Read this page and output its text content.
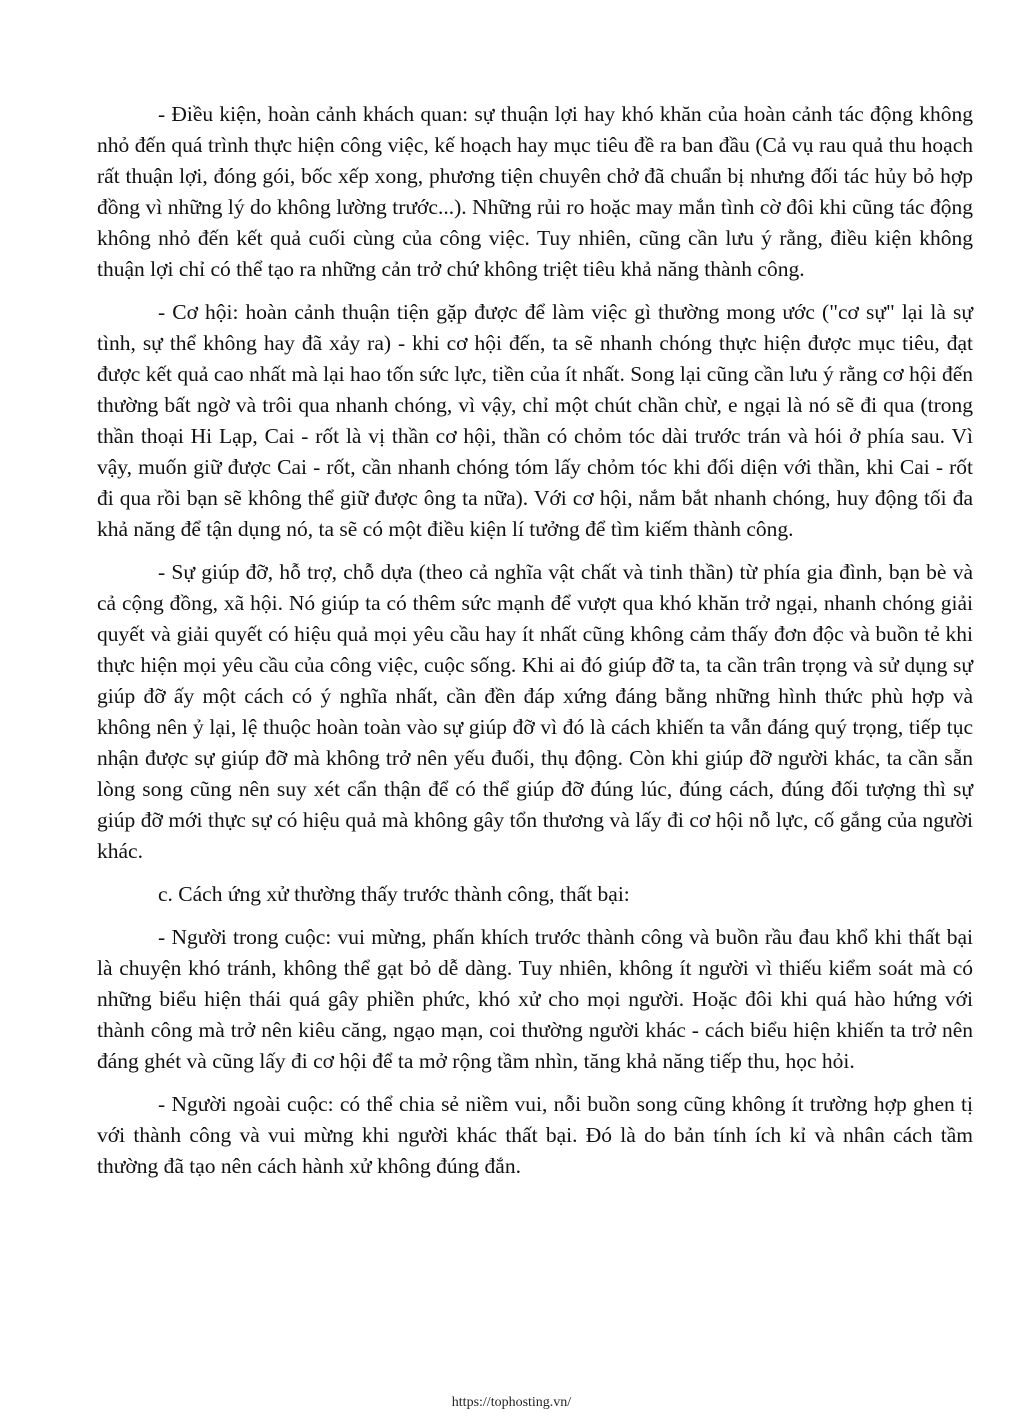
- Điều kiện, hoàn cảnh khách quan: sự thuận lợi hay khó khăn của hoàn cảnh tác động không nhỏ đến quá trình thực hiện công việc, kế hoạch hay mục tiêu đề ra ban đầu (Cả vụ rau quả thu hoạch rất thuận lợi, đóng gói, bốc xếp xong, phương tiện chuyên chở đã chuẩn bị nhưng đối tác hủy bỏ hợp đồng vì những lý do không lường trước...). Những rủi ro hoặc may mắn tình cờ đôi khi cũng tác động không nhỏ đến kết quả cuối cùng của công việc. Tuy nhiên, cũng cần lưu ý rằng, điều kiện không thuận lợi chỉ có thể tạo ra những cản trở chứ không triệt tiêu khả năng thành công.

- Cơ hội: hoàn cảnh thuận tiện gặp được để làm việc gì thường mong ước ("cơ sự" lại là sự tình, sự thể không hay đã xảy ra) - khi cơ hội đến, ta sẽ nhanh chóng thực hiện được mục tiêu, đạt được kết quả cao nhất mà lại hao tốn sức lực, tiền của ít nhất. Song lại cũng cần lưu ý rằng cơ hội đến thường bất ngờ và trôi qua nhanh chóng, vì vậy, chỉ một chút chần chừ, e ngại là nó sẽ đi qua (trong thần thoại Hi Lạp, Cai - rốt là vị thần cơ hội, thần có chỏm tóc dài trước trán và hói ở phía sau. Vì vậy, muốn giữ được Cai - rốt, cần nhanh chóng tóm lấy chỏm tóc khi đối diện với thần, khi Cai - rốt đi qua rồi bạn sẽ không thể giữ được ông ta nữa). Với cơ hội, nắm bắt nhanh chóng, huy động tối đa khả năng để tận dụng nó, ta sẽ có một điều kiện lí tưởng để tìm kiếm thành công.

- Sự giúp đỡ, hỗ trợ, chỗ dựa (theo cả nghĩa vật chất và tinh thần) từ phía gia đình, bạn bè và cả cộng đồng, xã hội. Nó giúp ta có thêm sức mạnh để vượt qua khó khăn trở ngại, nhanh chóng giải quyết và giải quyết có hiệu quả mọi yêu cầu hay ít nhất cũng không cảm thấy đơn độc và buồn tẻ khi thực hiện mọi yêu cầu của công việc, cuộc sống. Khi ai đó giúp đỡ ta, ta cần trân trọng và sử dụng sự giúp đỡ ấy một cách có ý nghĩa nhất, cần đền đáp xứng đáng bằng những hình thức phù hợp và không nên ỷ lại, lệ thuộc hoàn toàn vào sự giúp đỡ vì đó là cách khiến ta vẫn đáng quý trọng, tiếp tục nhận được sự giúp đỡ mà không trở nên yếu đuối, thụ động. Còn khi giúp đỡ người khác, ta cần sẵn lòng song cũng nên suy xét cẩn thận để có thể giúp đỡ đúng lúc, đúng cách, đúng đối tượng thì sự giúp đỡ mới thực sự có hiệu quả mà không gây tổn thương và lấy đi cơ hội nỗ lực, cố gắng của người khác.

c. Cách ứng xử thường thấy trước thành công, thất bại:

- Người trong cuộc: vui mừng, phấn khích trước thành công và buồn rầu đau khổ khi thất bại là chuyện khó tránh, không thể gạt bỏ dễ dàng. Tuy nhiên, không ít người vì thiếu kiểm soát mà có những biểu hiện thái quá gây phiền phức, khó xử cho mọi người. Hoặc đôi khi quá hào hứng với thành công mà trở nên kiêu căng, ngạo mạn, coi thường người khác - cách biểu hiện khiến ta trở nên đáng ghét và cũng lấy đi cơ hội để ta mở rộng tầm nhìn, tăng khả năng tiếp thu, học hỏi.

- Người ngoài cuộc: có thể chia sẻ niềm vui, nỗi buồn song cũng không ít trường hợp ghen tị với thành công và vui mừng khi người khác thất bại. Đó là do bản tính ích kỉ và nhân cách tầm thường đã tạo nên cách hành xử không đúng đắn.

https://tophosting.vn/
